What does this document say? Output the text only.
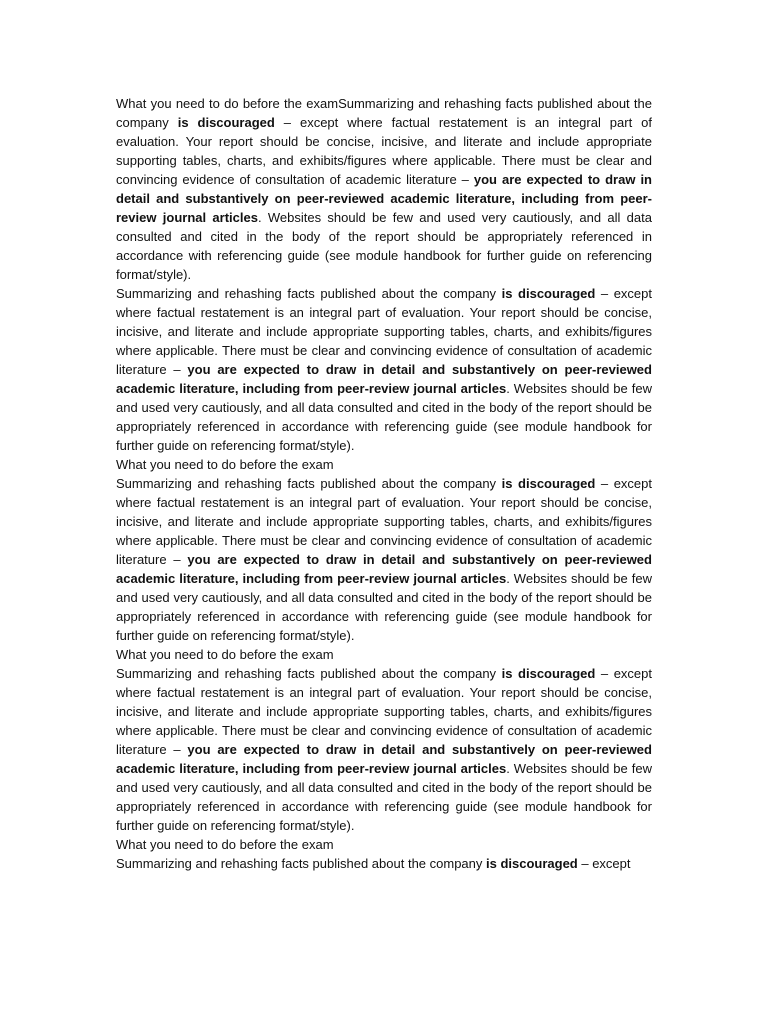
What you need to do before the examSummarizing and rehashing facts published about the company is discouraged – except where factual restatement is an integral part of evaluation. Your report should be concise, incisive, and literate and include appropriate supporting tables, charts, and exhibits/figures where applicable. There must be clear and convincing evidence of consultation of academic literature – you are expected to draw in detail and substantively on peer-reviewed academic literature, including from peer-review journal articles. Websites should be few and used very cautiously, and all data consulted and cited in the body of the report should be appropriately referenced in accordance with referencing guide (see module handbook for further guide on referencing format/style).

Summarizing and rehashing facts published about the company is discouraged – except where factual restatement is an integral part of evaluation. Your report should be concise, incisive, and literate and include appropriate supporting tables, charts, and exhibits/figures where applicable. There must be clear and convincing evidence of consultation of academic literature – you are expected to draw in detail and substantively on peer-reviewed academic literature, including from peer-review journal articles. Websites should be few and used very cautiously, and all data consulted and cited in the body of the report should be appropriately referenced in accordance with referencing guide (see module handbook for further guide on referencing format/style).

What you need to do before the exam

Summarizing and rehashing facts published about the company is discouraged – except where factual restatement is an integral part of evaluation. Your report should be concise, incisive, and literate and include appropriate supporting tables, charts, and exhibits/figures where applicable. There must be clear and convincing evidence of consultation of academic literature – you are expected to draw in detail and substantively on peer-reviewed academic literature, including from peer-review journal articles. Websites should be few and used very cautiously, and all data consulted and cited in the body of the report should be appropriately referenced in accordance with referencing guide (see module handbook for further guide on referencing format/style).

What you need to do before the exam

Summarizing and rehashing facts published about the company is discouraged – except where factual restatement is an integral part of evaluation. Your report should be concise, incisive, and literate and include appropriate supporting tables, charts, and exhibits/figures where applicable. There must be clear and convincing evidence of consultation of academic literature – you are expected to draw in detail and substantively on peer-reviewed academic literature, including from peer-review journal articles. Websites should be few and used very cautiously, and all data consulted and cited in the body of the report should be appropriately referenced in accordance with referencing guide (see module handbook for further guide on referencing format/style).

What you need to do before the exam

Summarizing and rehashing facts published about the company is discouraged – except
